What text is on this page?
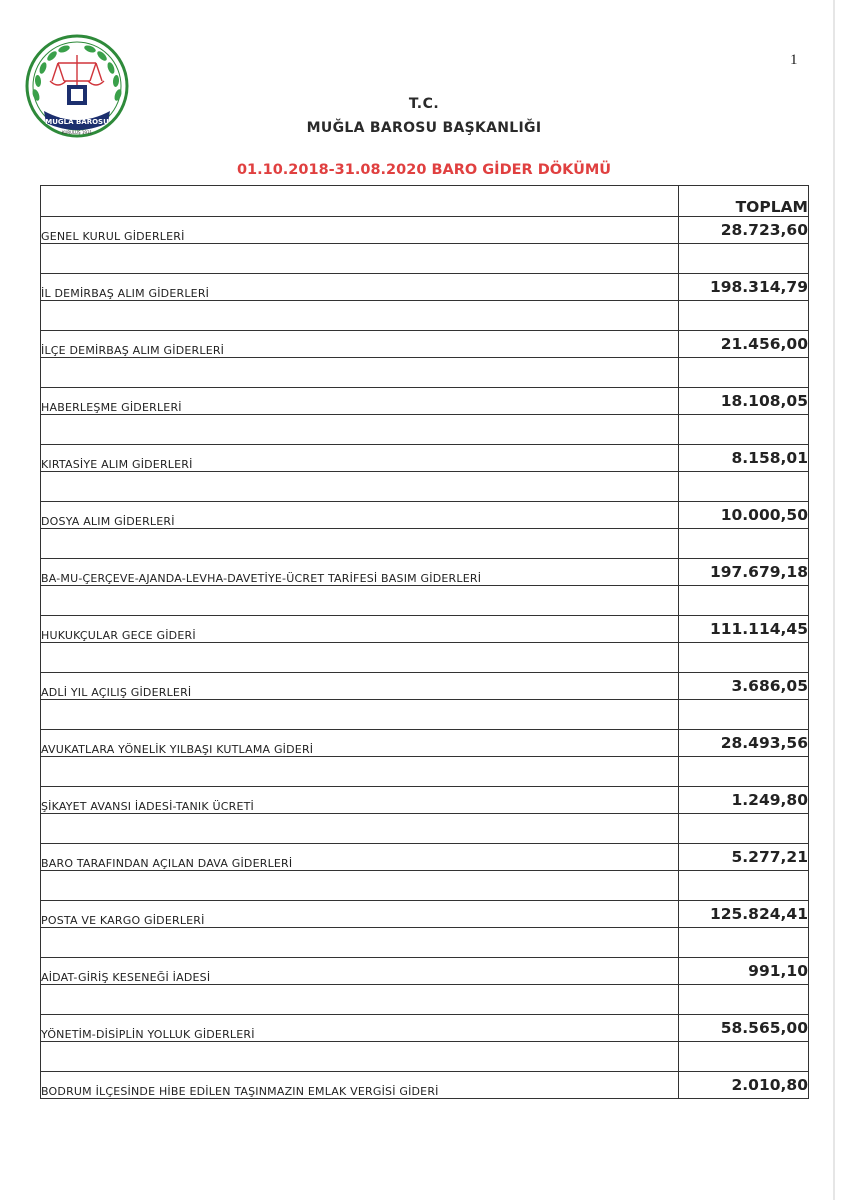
1
MUĞLA BAROSU
KURULUŞ 1931
T.C.
MUĞLA BAROSU BAŞKANLIĞI
01.10.2018-31.08.2020 BARO GİDER DÖKÜMÜ
	TOPLAM
GENEL KURUL GİDERLERİ	28.723,60

İL DEMİRBAŞ ALIM GİDERLERİ	198.314,79

İLÇE DEMİRBAŞ ALIM GİDERLERİ	21.456,00

HABERLEŞME GİDERLERİ	18.108,05

KIRTASİYE ALIM GİDERLERİ	8.158,01

DOSYA ALIM GİDERLERİ	10.000,50

BA-MU-ÇERÇEVE-AJANDA-LEVHA-DAVETİYE-ÜCRET TARİFESİ BASIM GİDERLERİ	197.679,18

HUKUKÇULAR GECE GİDERİ	111.114,45

ADLİ YIL AÇILIŞ GİDERLERİ	3.686,05

AVUKATLARA YÖNELİK YILBAŞI KUTLAMA GİDERİ	28.493,56

ŞİKAYET AVANSI İADESİ-TANIK ÜCRETİ	1.249,80

BARO TARAFINDAN AÇILAN DAVA GİDERLERİ	5.277,21

POSTA VE KARGO GİDERLERİ	125.824,41

AİDAT-GİRİŞ KESENEĞİ İADESİ	991,10

YÖNETİM-DİSİPLİN YOLLUK GİDERLERİ	58.565,00

BODRUM İLÇESİNDE HİBE EDİLEN TAŞINMAZIN EMLAK VERGİSİ GİDERİ	2.010,80
